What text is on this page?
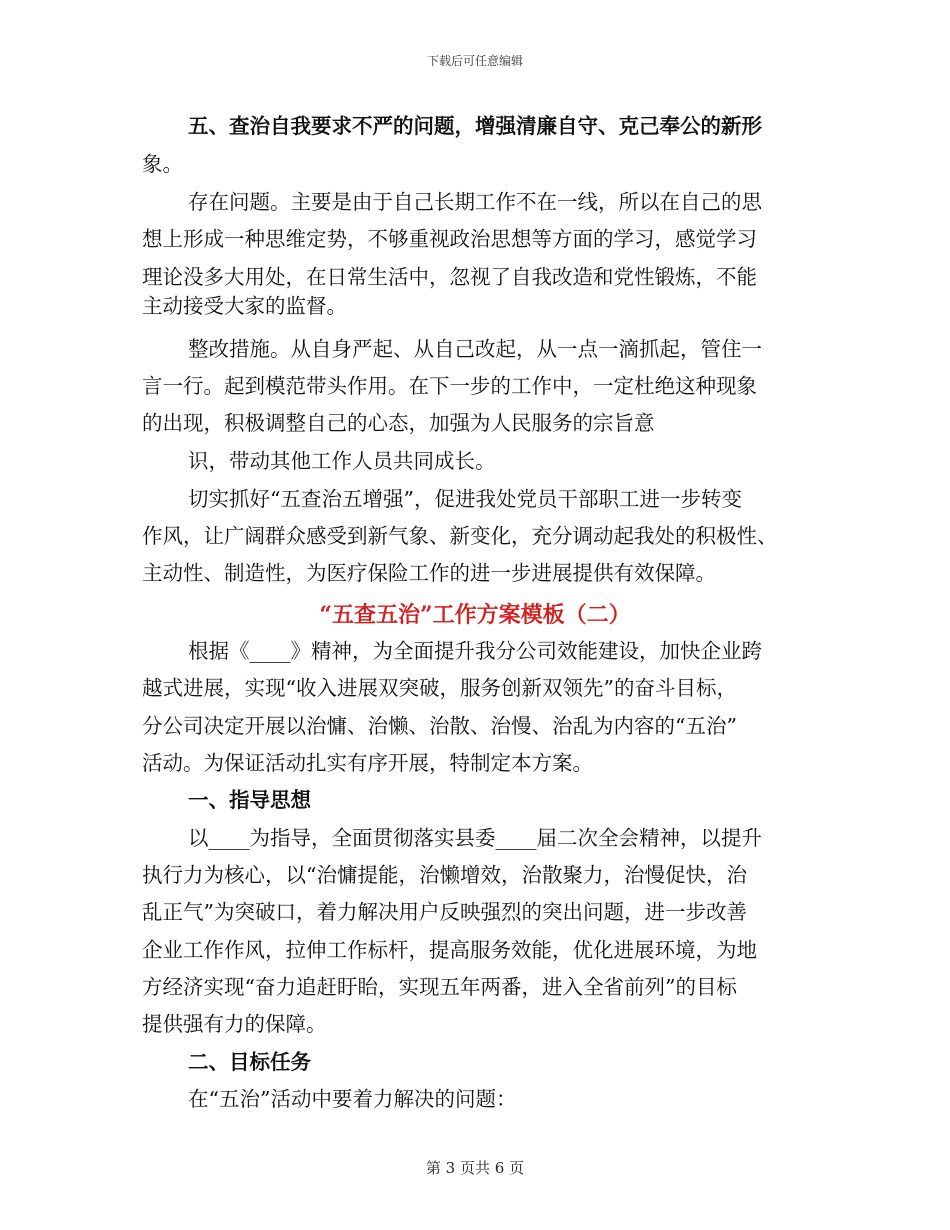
下载后可任意编辑
五、查治自我要求不严的问题，增强清廉自守、克己奉公的新形
象。
存在问题。主要是由于自己长期工作不在一线，所以在自己的思
想上形成一种思维定势，不够重视政治思想等方面的学习，感觉学习
理论没多大用处，在日常生活中，忽视了自我改造和党性锻炼，不能
主动接受大家的监督。
整改措施。从自身严起、从自己改起，从一点一滴抓起，管住一
言一行。起到模范带头作用。在下一步的工作中，一定杜绝这种现象
的出现，积极调整自己的心态，加强为人民服务的宗旨意
识，带动其他工作人员共同成长。
切实抓好“五查治五增强”，促进我处党员干部职工进一步转变
作风，让广阔群众感受到新气象、新变化，充分调动起我处的积极性、
主动性、制造性，为医疗保险工作的进一步进展提供有效保障。
“五查五治”工作方案模板（二）
根据《____》精神，为全面提升我分公司效能建设，加快企业跨
越式进展，实现“收入进展双突破，服务创新双领先”的奋斗目标，
分公司决定开展以治慵、治懒、治散、治慢、治乱为内容的“五治”
活动。为保证活动扎实有序开展，特制定本方案。
一、指导思想
以____为指导，全面贯彻落实县委____届二次全会精神，以提升
执行力为核心，以“治慵提能，治懒增效，治散聚力，治慢促快，治
乱正气”为突破口，着力解决用户反映强烈的突出问题，进一步改善
企业工作作风，拉伸工作标杆，提高服务效能，优化进展环境，为地
方经济实现“奋力追赶盱眙，实现五年两番，进入全省前列”的目标
提供强有力的保障。
二、目标任务
在“五治”活动中要着力解决的问题：
第 3 页共 6 页
